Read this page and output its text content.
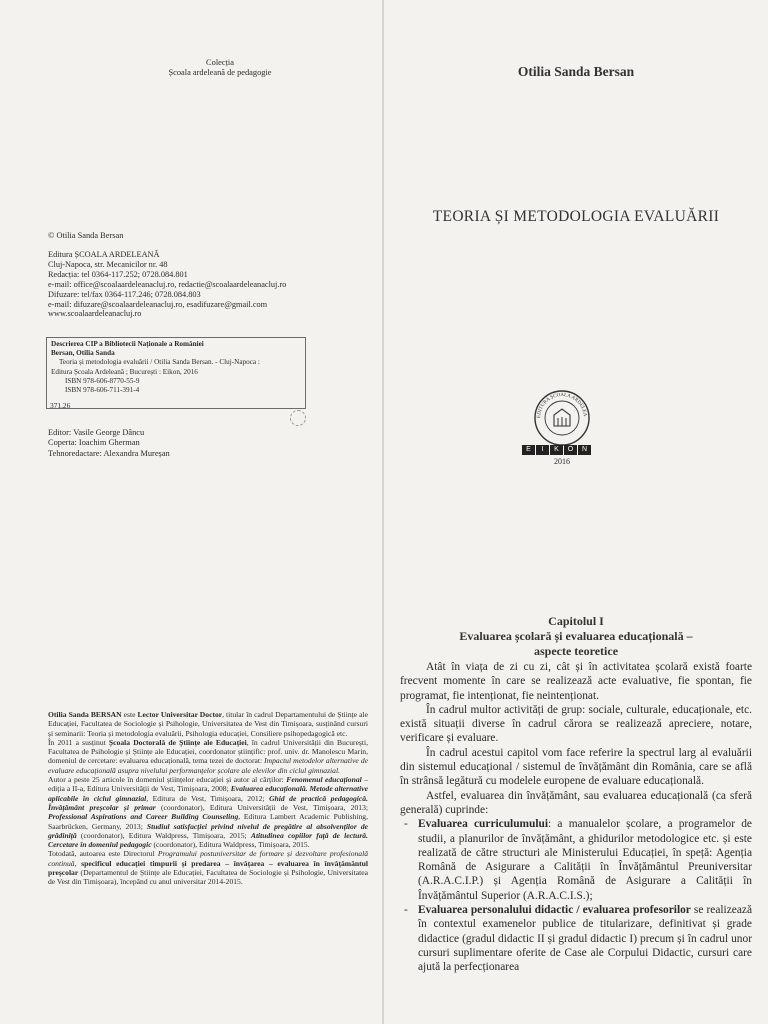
Colecția
Școala ardeleană de pedagogie
© Otilia Sanda Bersan
Editura ȘCOALA ARDELEANĂ
Cluj-Napoca, str. Mecanicilor nr. 48
Redacția: tel 0364-117.252; 0728.084.801
e-mail: office@scoalaardeleanacluj.ro, redactie@scoalaardeleanacluj.ro
Difuzare: tel/fax 0364-117.246; 0728.084.803
e-mail: difuzare@scoalaardeleanacluj.ro, esadifuzare@gmail.com
www.scoalaardeleanacluj.ro
Descrierea CIP a Bibliotecii Naționale a României
Bersan, Otilia Sanda
Teoria și metodologia evaluării / Otilia Sanda Bersan. - Cluj-Napoca :
Editura Școala Ardeleană ; București : Eikon, 2016
ISBN 978-606-8770-55-9
ISBN 978-606-711-391-4
371.26
Editor: Vasile George Dâncu
Coperta: Ioachim Gherman
Tehnoredactare: Alexandra Mureșan

Otilia Sanda BERSAN este Lector Universitar Doctor, titular în cadrul Departamentului de Științe ale Educației, Facultatea de Sociologie și Psihologie, Universitatea de Vest din Timișoara, susținând cursuri și seminarii: Teoria și metodologia evaluării, Psihologia educației, Consiliere psihopedagogică etc.

În 2011 a susținut Școala Doctorală de Științe ale Educației, în cadrul Universității din București, Facultatea de Psihologie și Științe ale Educației, coordonator științific: prof. univ. dr. Manolescu Marin, domeniul de cercetare: evaluarea educațională, tema tezei de doctorat: Impactul metodelor alternative de evaluare educațională asupra nivelului performanțelor școlare ale elevilor din ciclul gimnazial.

Autor a peste 25 articole în domeniul științelor educației și autor al cărților: Fenomenul educațional – ediția a II-a, Editura Universității de Vest, Timișoara, 2008; Evaluarea educațională. Metode alternative aplicabile în ciclul gimnazial, Editura de Vest, Timișoara, 2012; Ghid de practică pedagogică. Învățământ preșcolar și primar (coordonator), Editura Universității de Vest, Timișoara, 2013; Professional Aspirations and Career Building Counseling, Editura Lambert Academic Publishing, Saarbrücken, Germany, 2013; Studiul satisfacției privind nivelul de pregătire al absolvenților de grădiniță (coordonator), Editura Waldpress, Timișoara, 2015; Atitudinea copiilor față de lectură. Cercetare în domeniul pedagogic (coordonator), Editura Waldpress, Timișoara, 2015.

Totodată, autoarea este Directorul Programului postuniversitar de formare și dezvoltare profesională continuă, specificul educației timpurii și predarea – învățarea – evaluarea în învățământul preșcolar (Departamentul de Științe ale Educației, Facultatea de Sociologie și Psihologie, Universitatea de Vest din Timișoara), începând cu anul universitar 2014-2015.

Otilia Sanda Bersan
TEORIA ȘI METODOLOGIA EVALUĂRII
EDITURA ȘCOALA ARDELEA
E	I	K	O	N
2016
Capitolul I
Evaluarea școlară și evaluarea educațională –
aspecte teoretice

Atât în viața de zi cu zi, cât și în activitatea școlară există foarte frecvent momente în care se realizează acte evaluative, fie spontan, fie programat, fie intenționat, fie neintenționat.

În cadrul multor activități de grup: sociale, culturale, educaționale, etc. există situații diverse în cadrul cărora se realizează apreciere, notare, verificare și evaluare.

În cadrul acestui capitol vom face referire la spectrul larg al evaluării din sistemul educațional / sistemul de învățământ din România, care se află în strânsă legătură cu modelele europene de evaluare educațională.

Astfel, evaluarea din învățământ, sau evaluarea educațională (ca sferă generală) cuprinde:

- Evaluarea curriculumului: a manualelor școlare, a programelor de studii, a planurilor de învățământ, a ghidurilor metodologice etc. și este realizată de către structuri ale Ministerului Educației, în speță: Agenția Română de Asigurare a Calității în Învățământul Preuniversitar (A.R.A.C.I.P.) și Agenția Română de Asigurare a Calității în Învățământul Superior (A.R.A.C.I.S.);
- Evaluarea personalului didactic / evaluarea profesorilor se realizează în contextul examenelor publice de titularizare, definitivat și grade didactice (gradul didactic II și gradul didactic I) precum și în cadrul unor cursuri suplimentare oferite de Case ale Corpului Didactic, cursuri care ajută la perfecționarea
